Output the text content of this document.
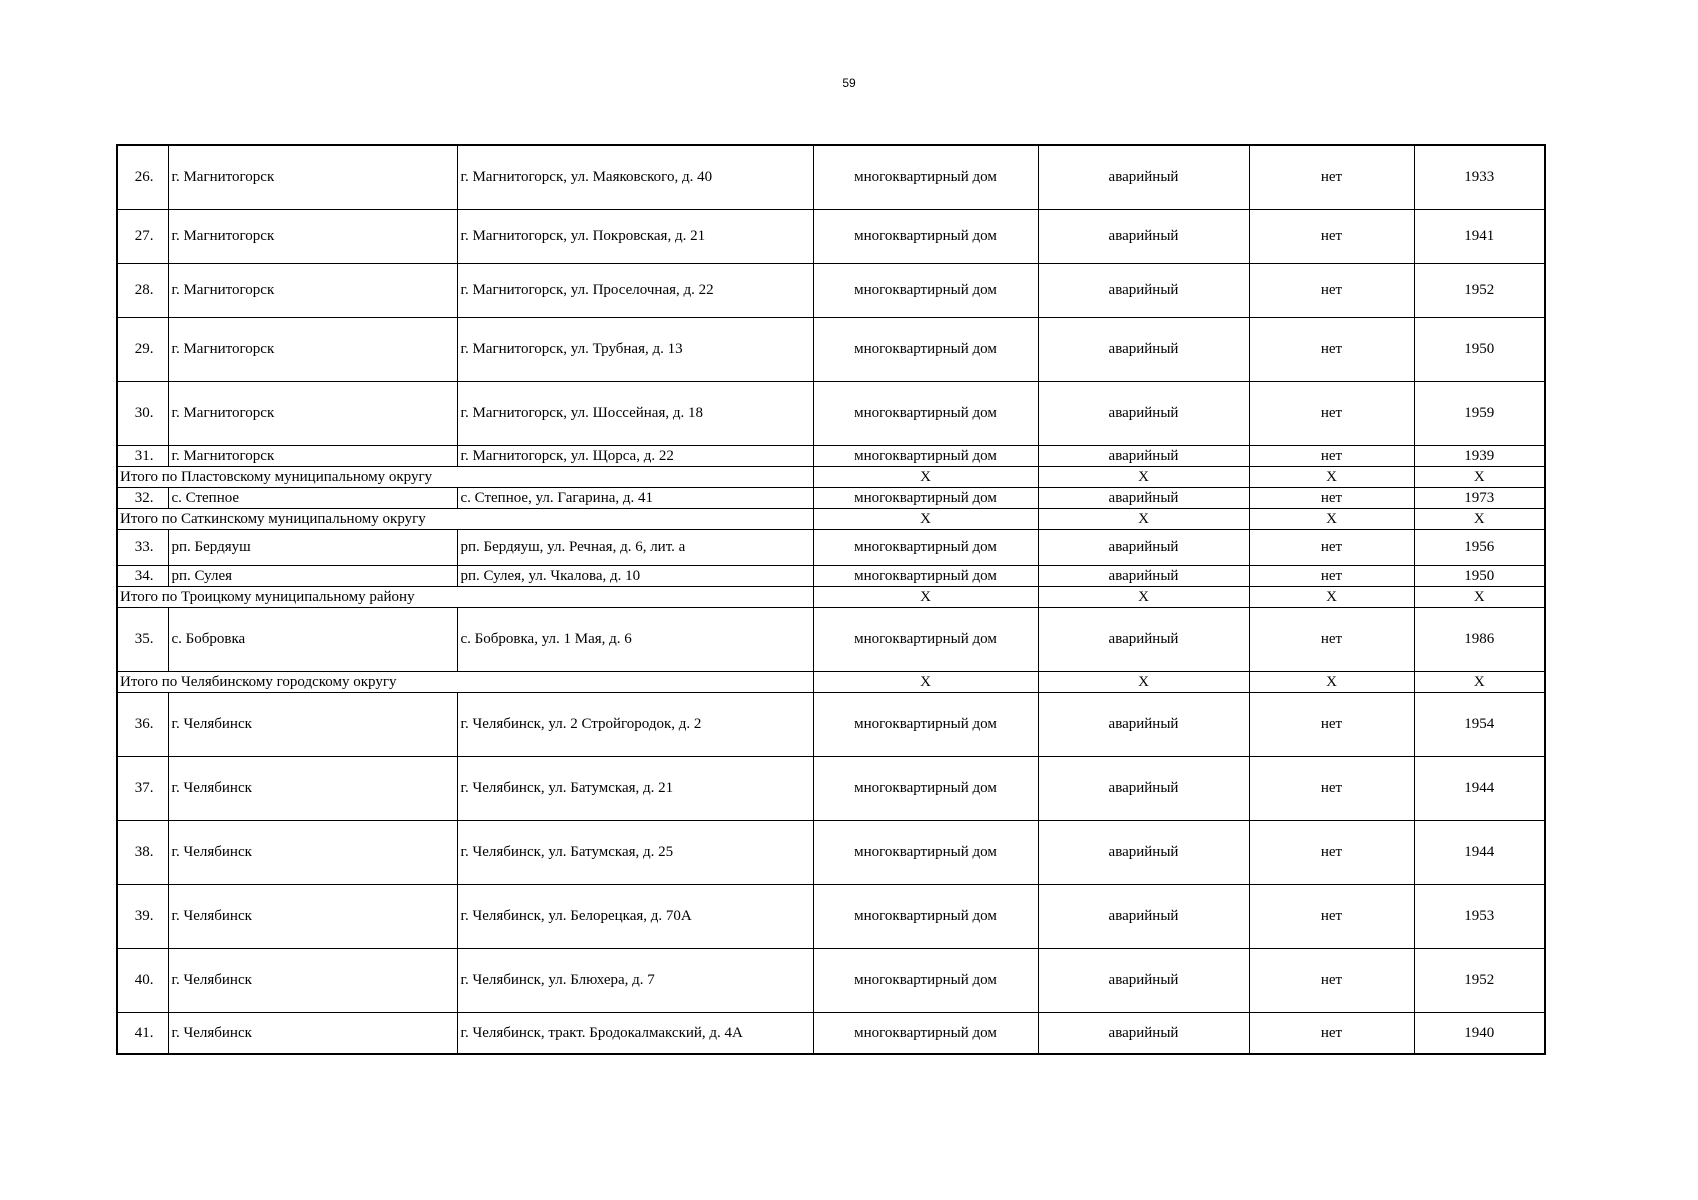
59
26.	г. Магнитогорск	г. Магнитогорск, ул. Маяковского, д. 40	многоквартирный дом	аварийный	нет	1933
27.	г. Магнитогорск	г. Магнитогорск, ул. Покровская, д. 21	многоквартирный дом	аварийный	нет	1941
28.	г. Магнитогорск	г. Магнитогорск, ул. Проселочная, д. 22	многоквартирный дом	аварийный	нет	1952
29.	г. Магнитогорск	г. Магнитогорск, ул. Трубная, д. 13	многоквартирный дом	аварийный	нет	1950
30.	г. Магнитогорск	г. Магнитогорск, ул. Шоссейная, д. 18	многоквартирный дом	аварийный	нет	1959
31.	г. Магнитогорск	г. Магнитогорск, ул. Щорса, д. 22	многоквартирный дом	аварийный	нет	1939
Итого по Пластовскому муниципальному округу			X	X	X	X
32.	с. Степное	с. Степное, ул. Гагарина, д. 41	многоквартирный дом	аварийный	нет	1973
Итого по Саткинскому муниципальному округу			X	X	X	X
33.	рп. Бердяуш	рп. Бердяуш, ул. Речная, д. 6, лит. а	многоквартирный дом	аварийный	нет	1956
34.	рп. Сулея	рп. Сулея, ул. Чкалова, д. 10	многоквартирный дом	аварийный	нет	1950
Итого по Троицкому муниципальному району			X	X	X	X
35.	с. Бобровка	с. Бобровка, ул. 1 Мая, д. 6	многоквартирный дом	аварийный	нет	1986
Итого по Челябинскому городскому округу			X	X	X	X
36.	г. Челябинск	г. Челябинск, ул. 2 Стройгородок, д. 2	многоквартирный дом	аварийный	нет	1954
37.	г. Челябинск	г. Челябинск, ул. Батумская, д. 21	многоквартирный дом	аварийный	нет	1944
38.	г. Челябинск	г. Челябинск, ул. Батумская, д. 25	многоквартирный дом	аварийный	нет	1944
39.	г. Челябинск	г. Челябинск, ул. Белорецкая, д. 70А	многоквартирный дом	аварийный	нет	1953
40.	г. Челябинск	г. Челябинск, ул. Блюхера, д. 7	многоквартирный дом	аварийный	нет	1952
41.	г. Челябинск	г. Челябинск, тракт. Бродокалмакский, д. 4А	многоквартирный дом	аварийный	нет	1940
